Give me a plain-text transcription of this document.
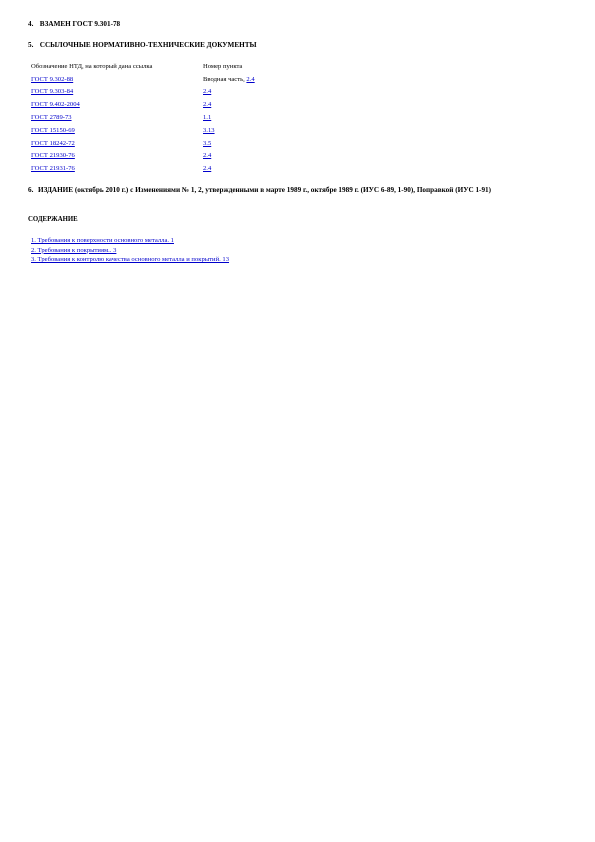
4. ВЗАМЕН ГОСТ 9.301-78
5. ССЫЛОЧНЫЕ НОРМАТИВНО-ТЕХНИЧЕСКИЕ ДОКУМЕНТЫ
Обозначение НТД, на который дана ссылка	Номер пункта
ГОСТ 9.302-88	Вводная часть, 2.4
ГОСТ 9.303-84	2.4
ГОСТ 9.402-2004	2.4
ГОСТ 2789-73	1.1
ГОСТ 15150-69	3.13
ГОСТ 18242-72	3.5
ГОСТ 21930-76	2.4
ГОСТ 21931-76	2.4
6. ИЗДАНИЕ (октябрь 2010 г.) с Изменениями № 1, 2, утвержденными в марте 1989 г., октябре 1989 г. (ИУС 6-89, 1-90), Поправкой (ИУС 1-91)
СОДЕРЖАНИЕ
1. Требования к поверхности основного металла. 1
2. Требования к покрытиям.. 3
3. Требования к контролю качества основного металла и покрытий. 13
